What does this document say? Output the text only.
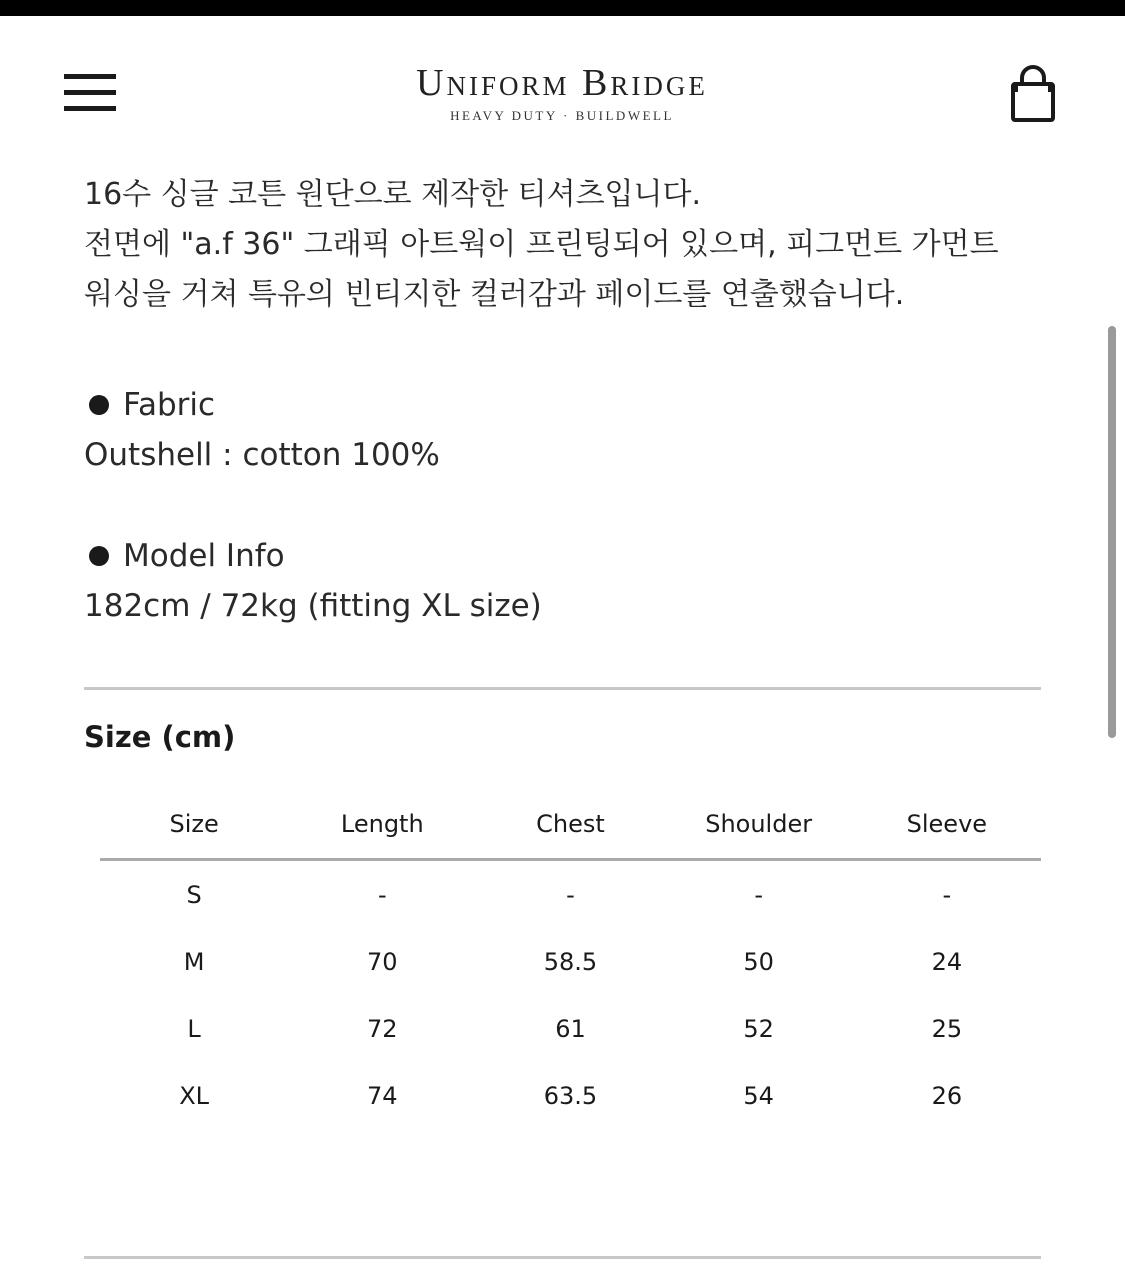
Uniform Bridge
HEAVY DUTY · BUILDWELL

16수 싱글 코튼 원단으로 제작한 티셔츠입니다.

전면에 "a.f 36" 그래픽 아트웍이 프린팅되어 있으며, 피그먼트 가먼트

워싱을 거쳐 특유의 빈티지한 컬러감과 페이드를 연출했습니다.

Fabric
Outshell : cotton 100%
Model Info
182cm / 72kg (fitting XL size)
Size (cm)
Size	Length	Chest	Shoulder	Sleeve
S	-	-	-	-
M	70	58.5	50	24
L	72	61	52	25
XL	74	63.5	54	26
